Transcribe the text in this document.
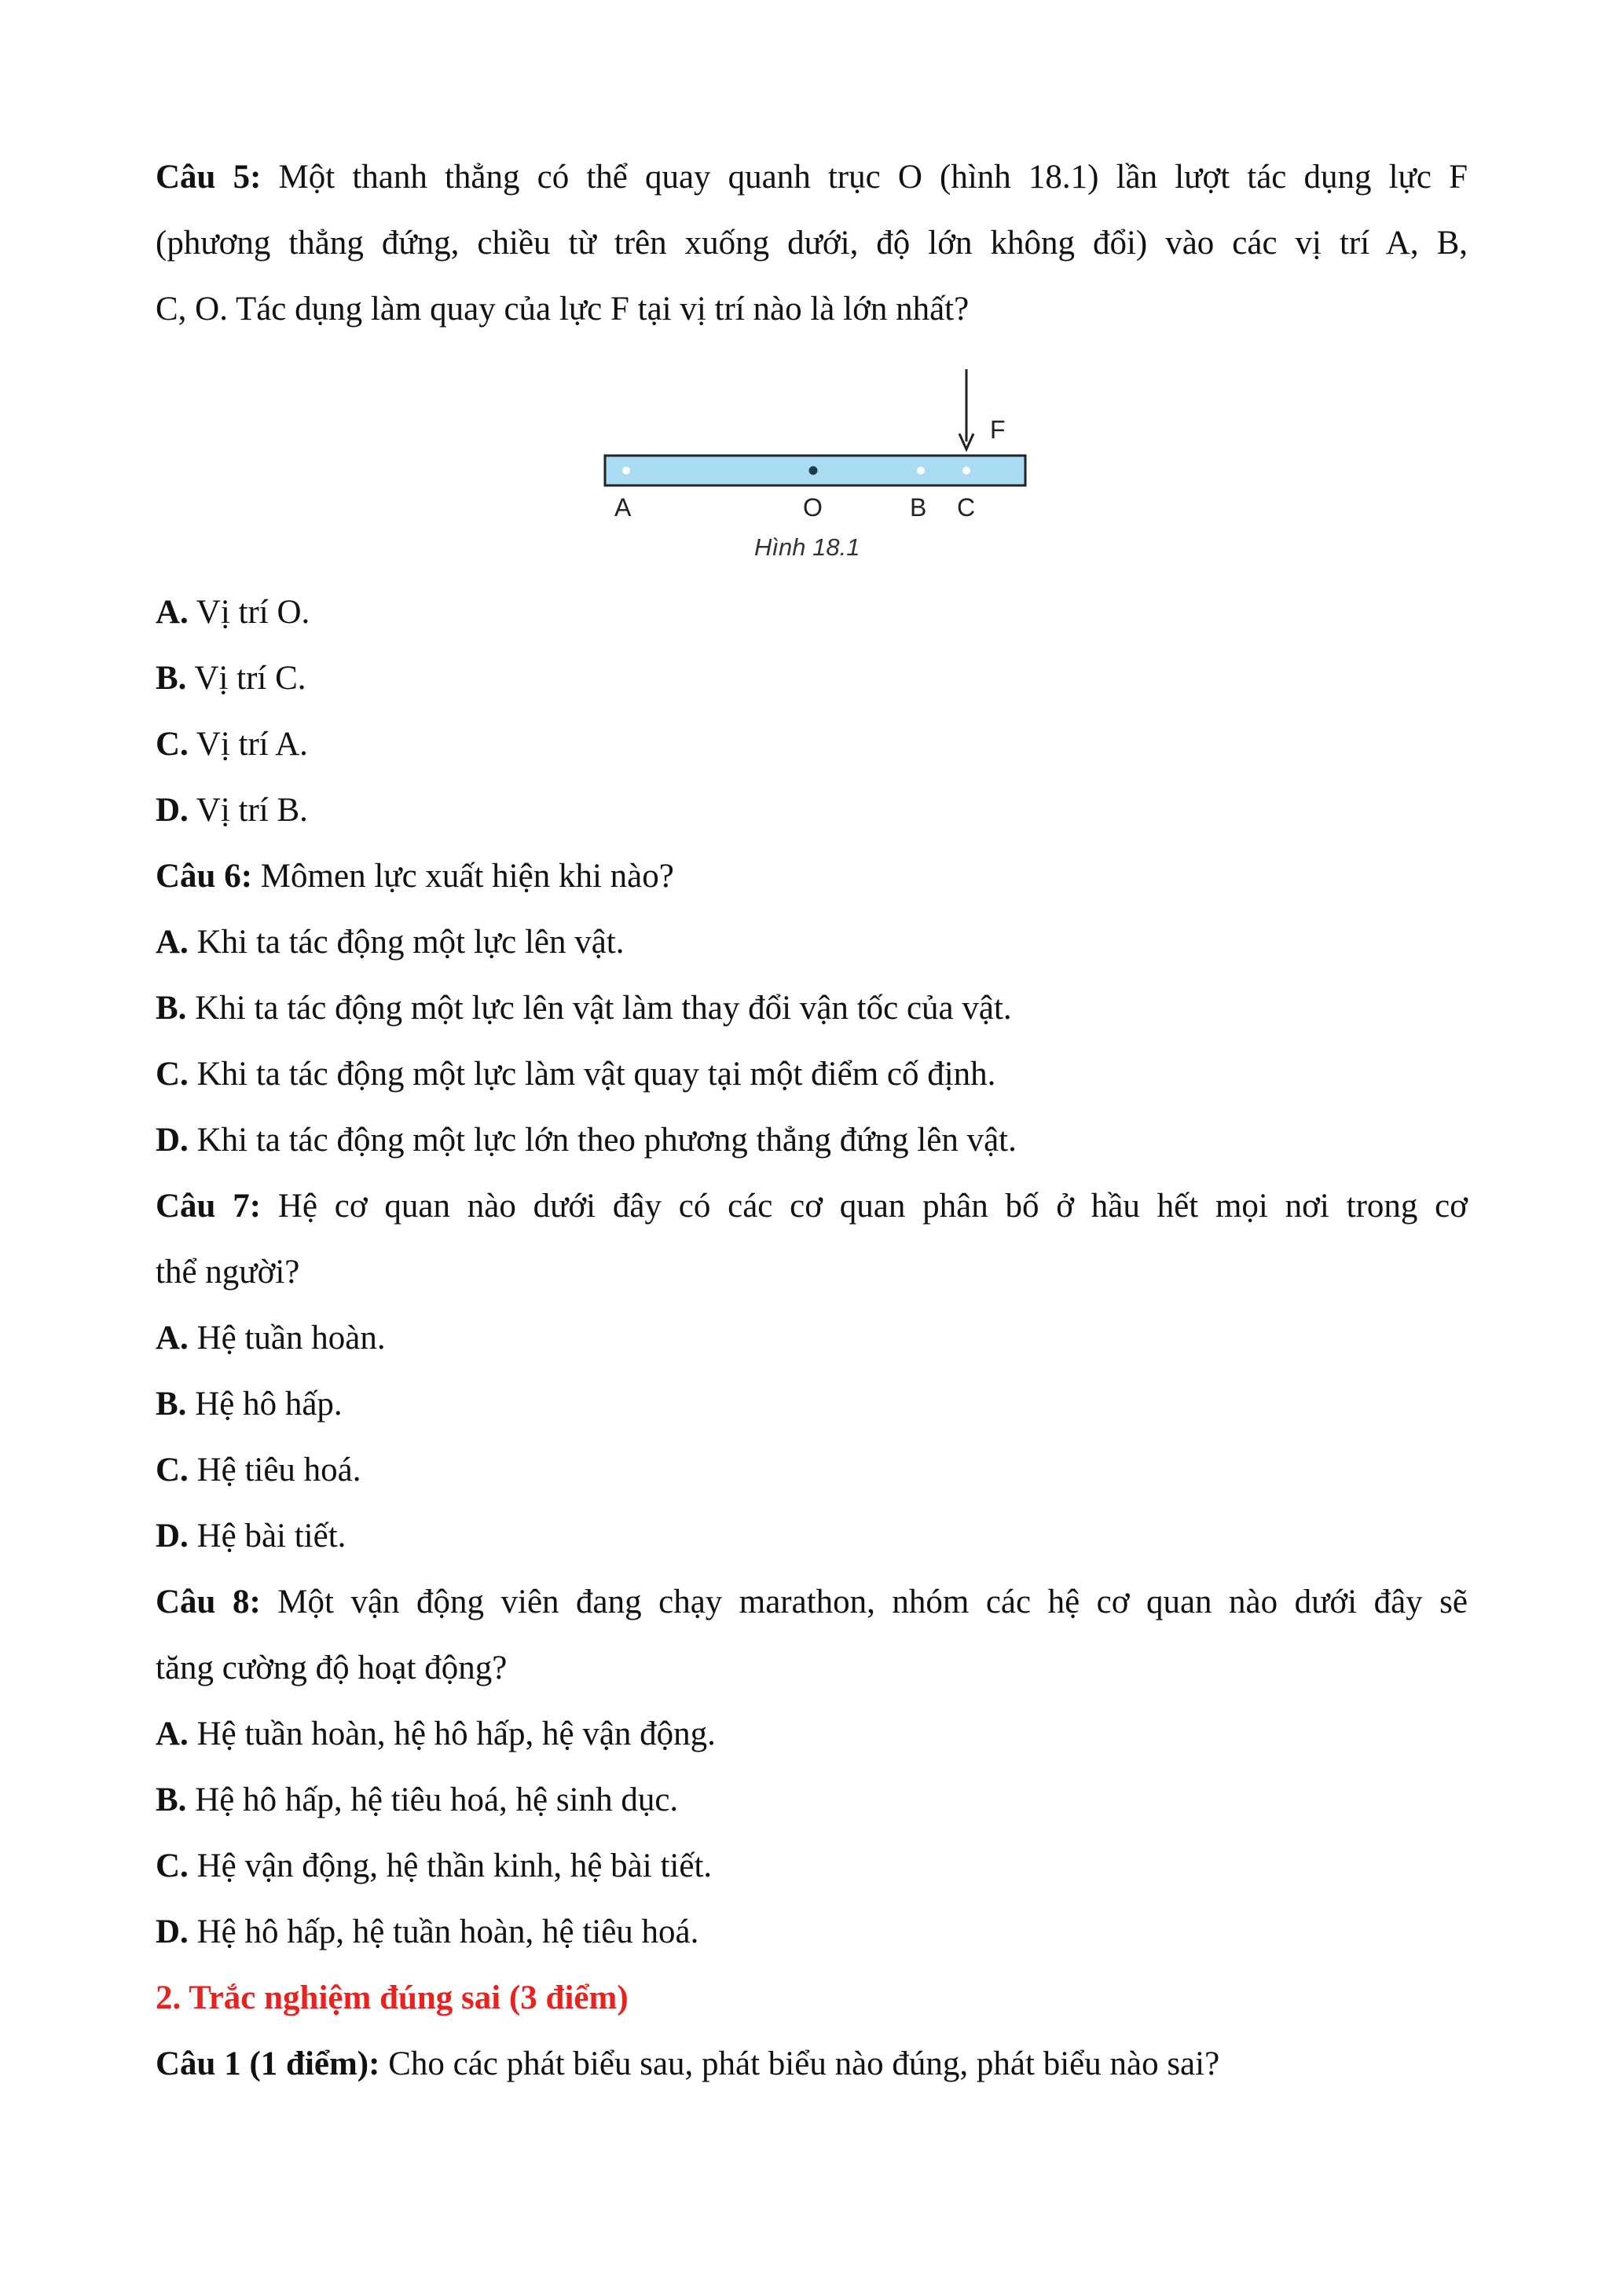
Câu 5: Một thanh thẳng có thể quay quanh trục O (hình 18.1) lần lượt tác dụng lực F
(phương thẳng đứng, chiều từ trên xuống dưới, độ lớn không đổi) vào các vị trí A, B,
C, O. Tác dụng làm quay của lực F tại vị trí nào là lớn nhất?
F
A	O	B C
Hình 18.1
A. Vị trí O.
B. Vị trí C.
C. Vị trí A.
D. Vị trí B.
Câu 6: Mômen lực xuất hiện khi nào?
A. Khi ta tác động một lực lên vật.
B. Khi ta tác động một lực lên vật làm thay đổi vận tốc của vật.
C. Khi ta tác động một lực làm vật quay tại một điểm cố định.
D. Khi ta tác động một lực lớn theo phương thẳng đứng lên vật.
Câu 7: Hệ cơ quan nào dưới đây có các cơ quan phân bố ở hầu hết mọi nơi trong cơ
thể người?
A. Hệ tuần hoàn.
B. Hệ hô hấp.
C. Hệ tiêu hoá.
D. Hệ bài tiết.
Câu 8: Một vận động viên đang chạy marathon, nhóm các hệ cơ quan nào dưới đây sẽ
tăng cường độ hoạt động?
A. Hệ tuần hoàn, hệ hô hấp, hệ vận động.
B. Hệ hô hấp, hệ tiêu hoá, hệ sinh dục.
C. Hệ vận động, hệ thần kinh, hệ bài tiết.
D. Hệ hô hấp, hệ tuần hoàn, hệ tiêu hoá.
2. Trắc nghiệm đúng sai (3 điểm)
Câu 1 (1 điểm): Cho các phát biểu sau, phát biểu nào đúng, phát biểu nào sai?
